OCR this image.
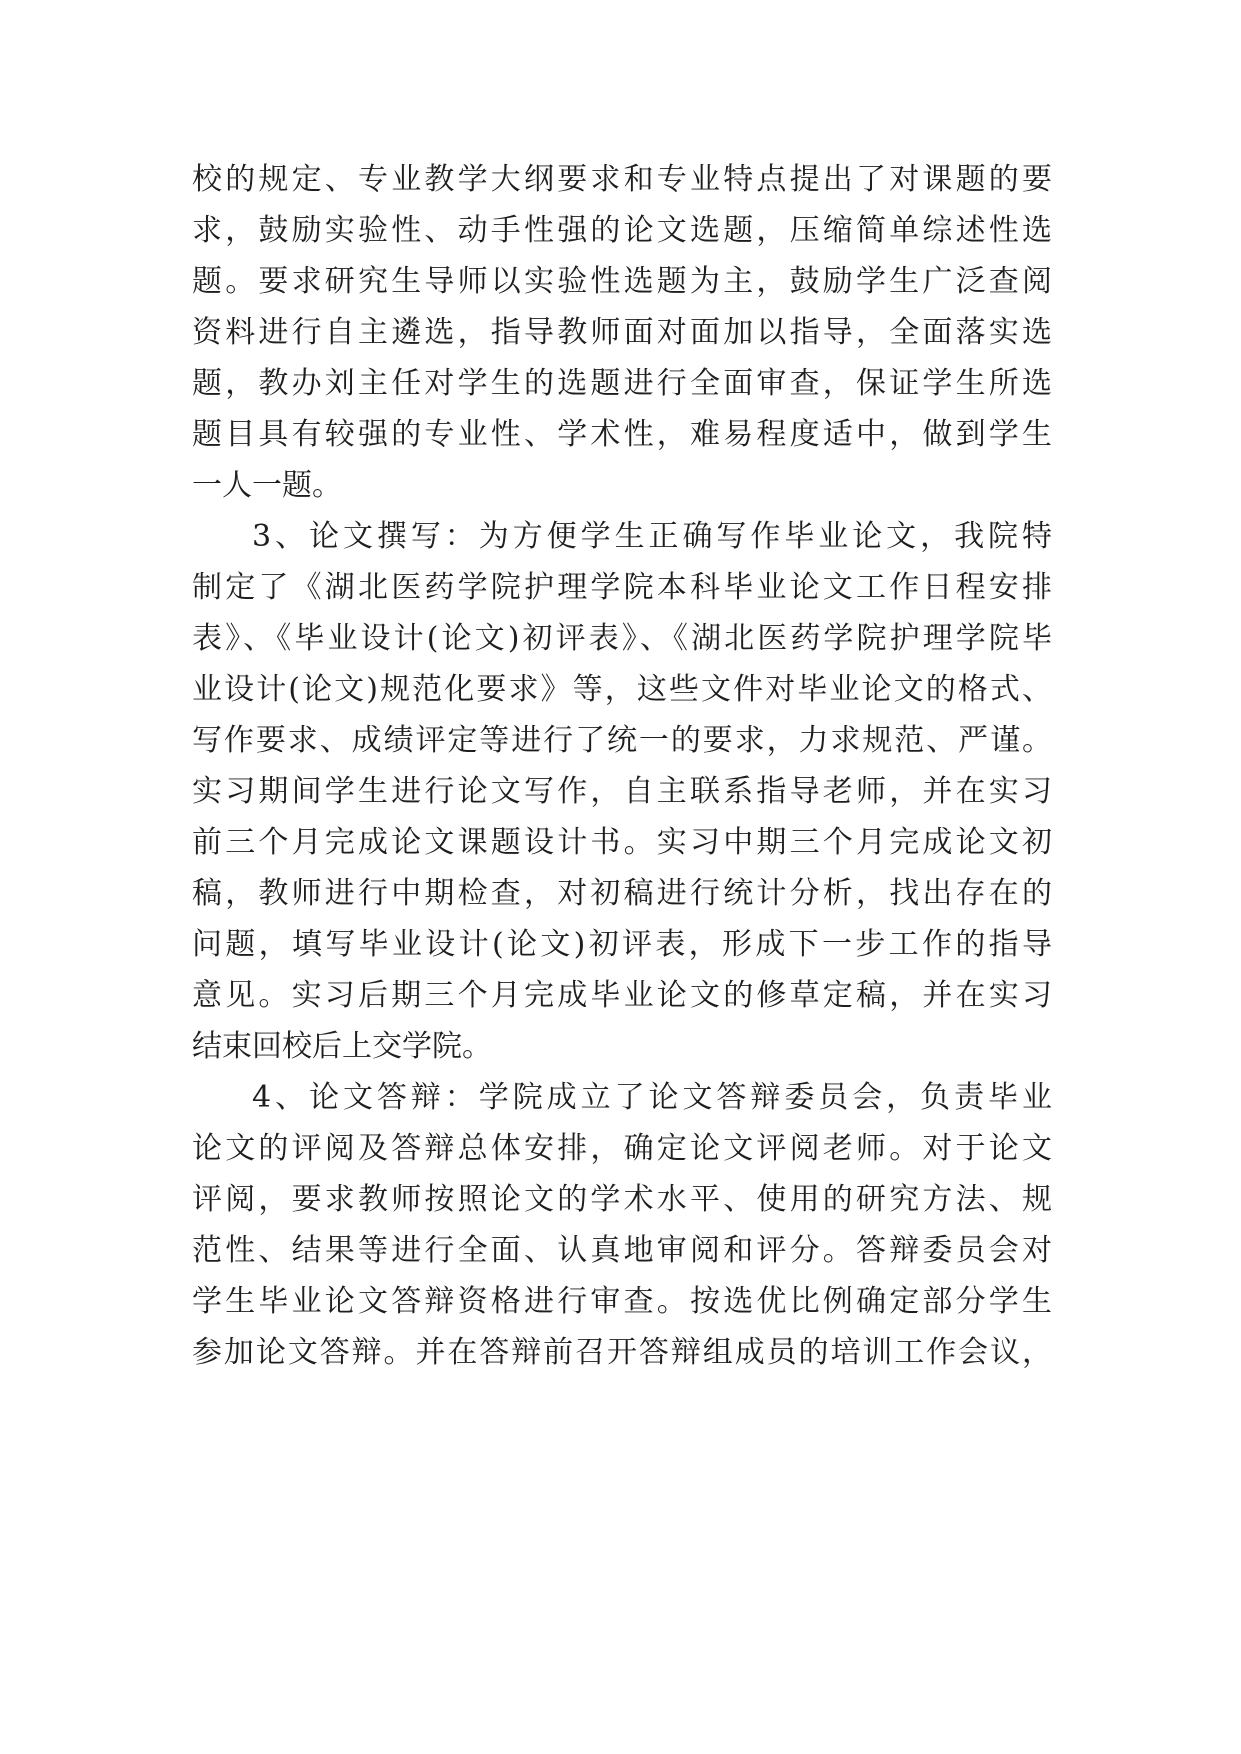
校的规定、专业教学大纲要求和专业特点提出了对课题的要
求，鼓励实验性、动手性强的论文选题，压缩简单综述性选
题。要求研究生导师以实验性选题为主，鼓励学生广泛查阅
资料进行自主遴选，指导教师面对面加以指导，全面落实选
题，教办刘主任对学生的选题进行全面审查，保证学生所选
题目具有较强的专业性、学术性，难易程度适中，做到学生
一人一题。
3、论文撰写：为方便学生正确写作毕业论文，我院特
制定了《湖北医药学院护理学院本科毕业论文工作日程安排
表》、《毕业设计(论文)初评表》、《湖北医药学院护理学院毕
业设计(论文)规范化要求》等，这些文件对毕业论文的格式、
写作要求、成绩评定等进行了统一的要求，力求规范、严谨。
实习期间学生进行论文写作，自主联系指导老师，并在实习
前三个月完成论文课题设计书。实习中期三个月完成论文初
稿，教师进行中期检查，对初稿进行统计分析，找出存在的
问题，填写毕业设计(论文)初评表，形成下一步工作的指导
意见。实习后期三个月完成毕业论文的修草定稿，并在实习
结束回校后上交学院。
4、论文答辩：学院成立了论文答辩委员会，负责毕业
论文的评阅及答辩总体安排，确定论文评阅老师。对于论文
评阅，要求教师按照论文的学术水平、使用的研究方法、规
范性、结果等进行全面、认真地审阅和评分。答辩委员会对
学生毕业论文答辩资格进行审查。按选优比例确定部分学生
参加论文答辩。并在答辩前召开答辩组成员的培训工作会议，
